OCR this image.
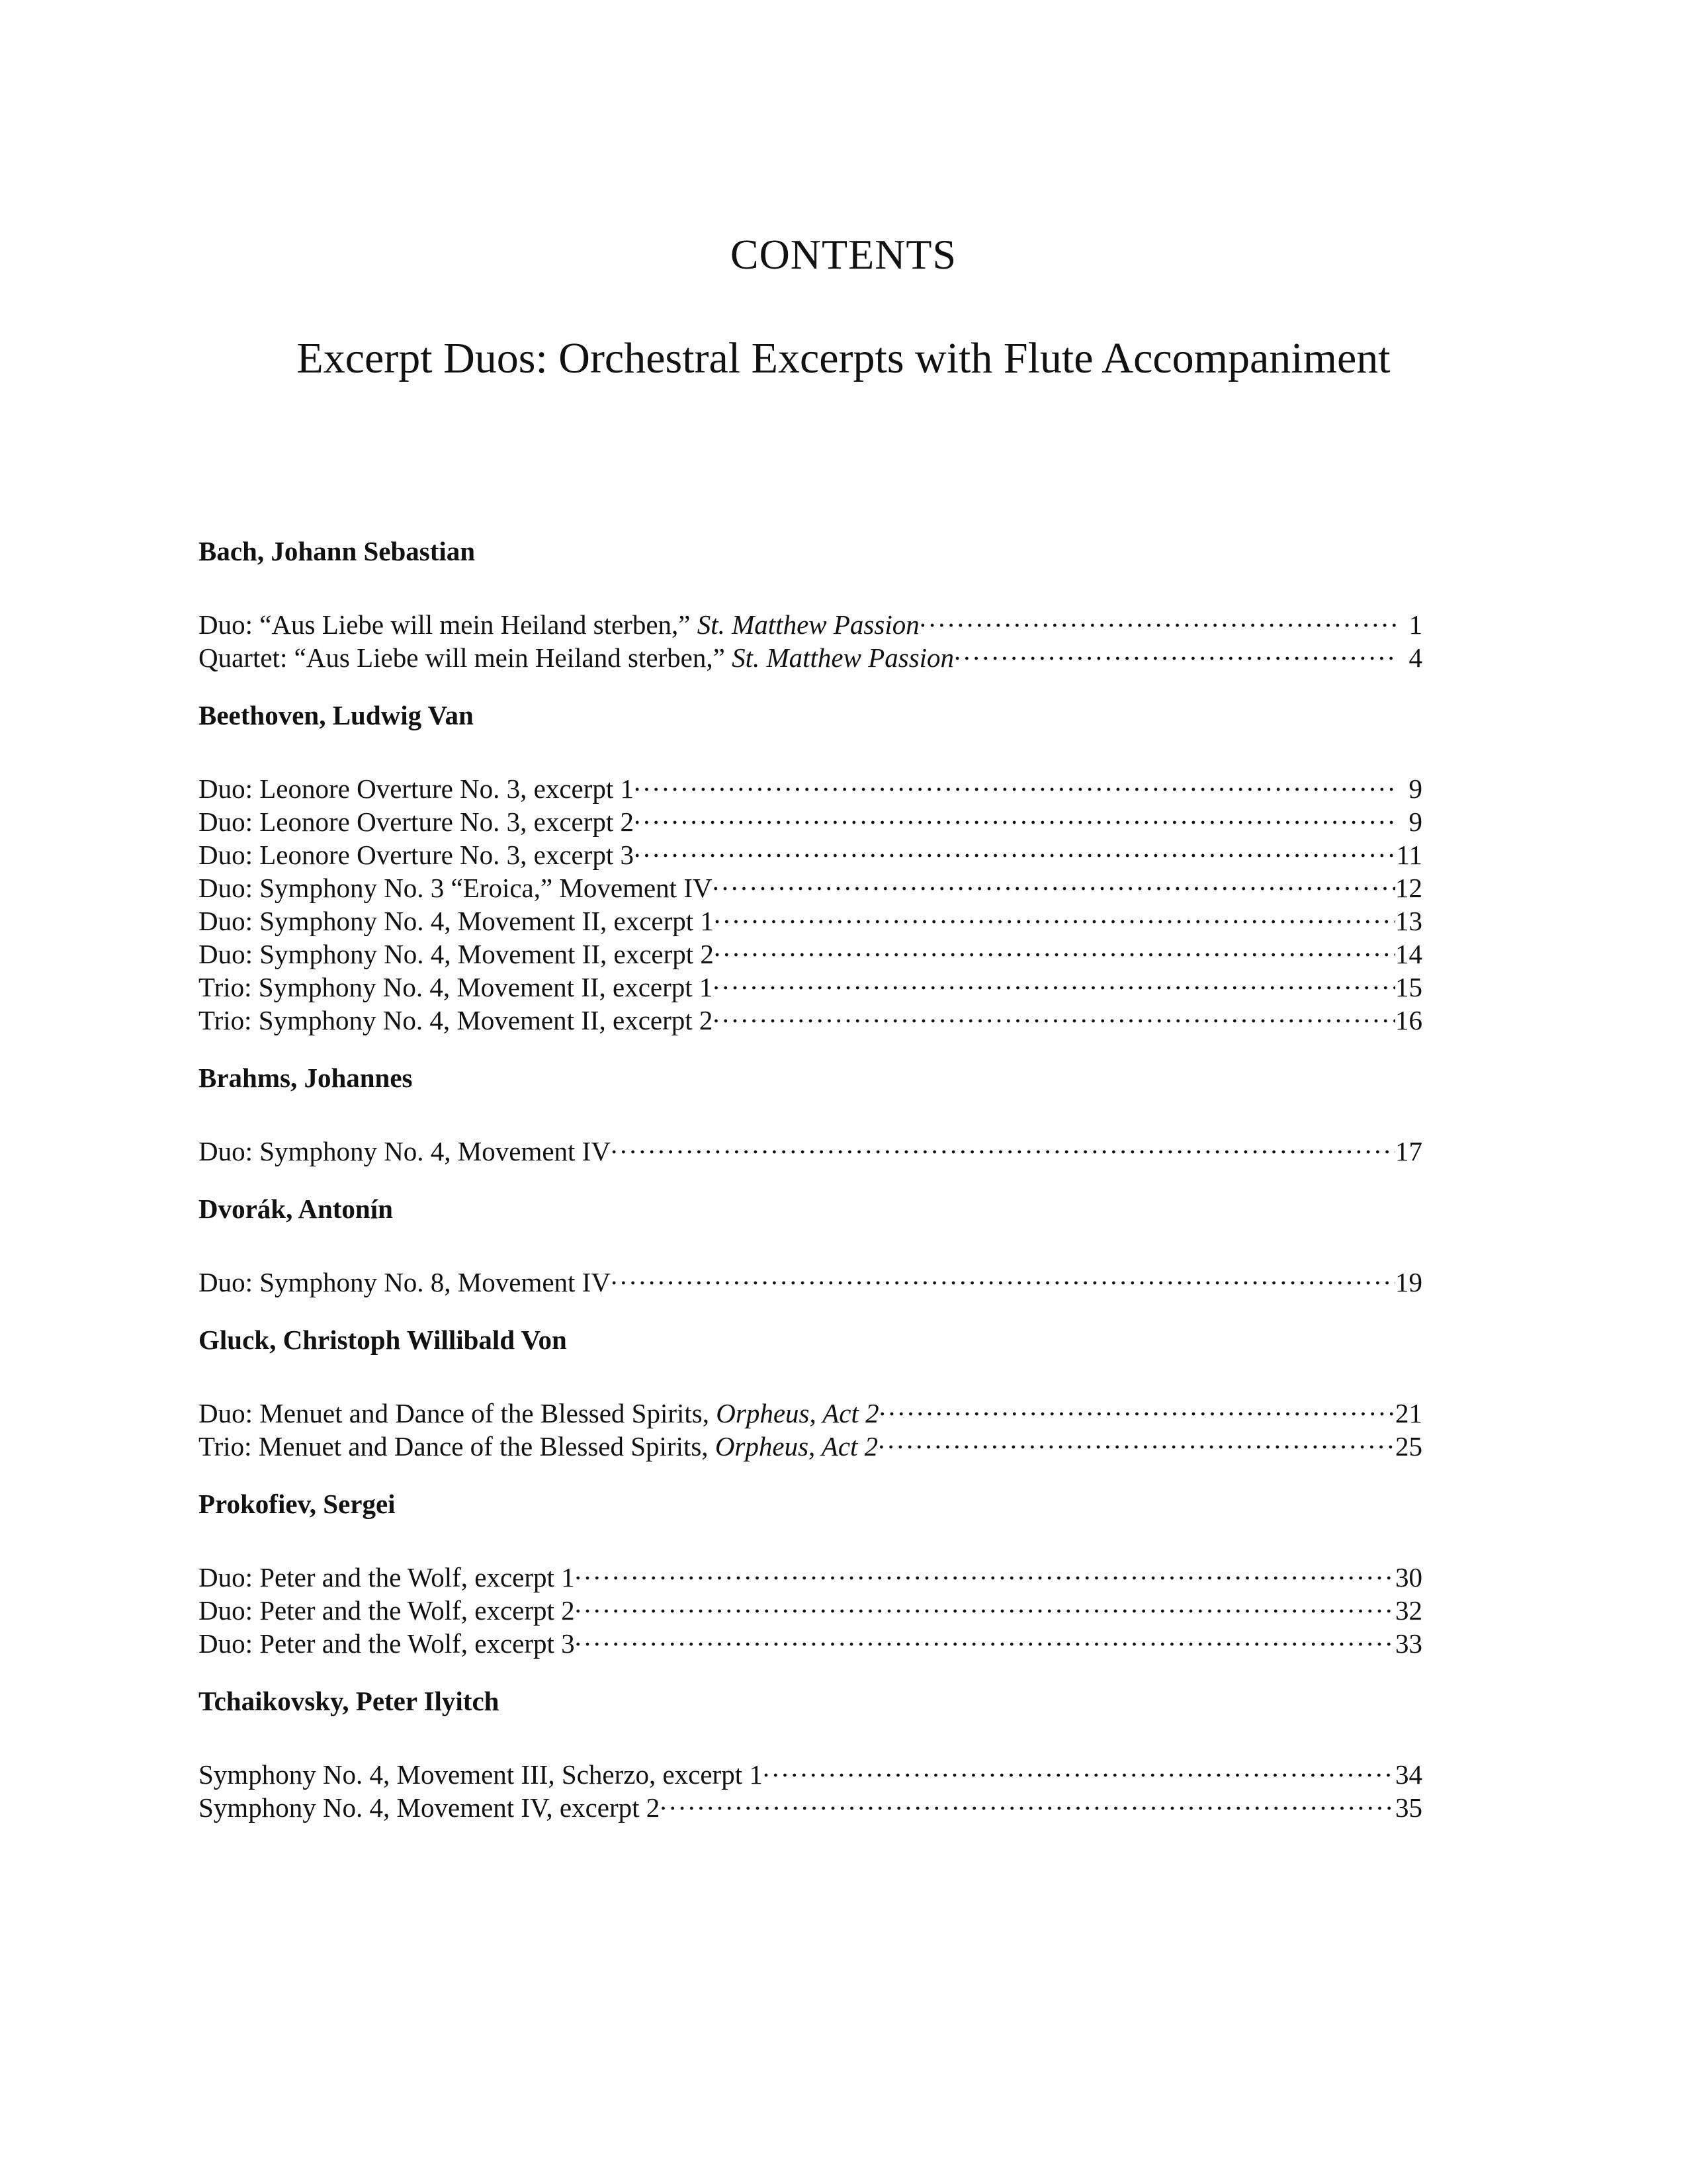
CONTENTS
Excerpt Duos: Orchestral Excerpts with Flute Accompaniment
Bach, Johann Sebastian
Duo: “Aus Liebe will mein Heiland sterben,” St. Matthew Passion .....	1
Quartet: “Aus Liebe will mein Heiland sterben,” St. Matthew Passion .....	4
Beethoven, Ludwig Van
Duo: Leonore Overture No. 3, excerpt 1 .....	9
Duo: Leonore Overture No. 3, excerpt 2 .....	9
Duo: Leonore Overture No. 3, excerpt 3 .....	11
Duo: Symphony No. 3 “Eroica,” Movement IV .....	12
Duo: Symphony No. 4, Movement II, excerpt 1 .....	13
Duo: Symphony No. 4, Movement II, excerpt 2 .....	14
Trio: Symphony No. 4, Movement II, excerpt 1 .....	15
Trio: Symphony No. 4, Movement II, excerpt 2 .....	16
Brahms, Johannes
Duo: Symphony No. 4, Movement IV .....	17
Dvorák, Antonín
Duo: Symphony No. 8, Movement IV .....	19
Gluck, Christoph Willibald Von
Duo: Menuet and Dance of the Blessed Spirits, Orpheus, Act 2 .....	21
Trio: Menuet and Dance of the Blessed Spirits, Orpheus, Act 2 .....	25
Prokofiev, Sergei
Duo: Peter and the Wolf, excerpt 1 .....	30
Duo: Peter and the Wolf, excerpt 2 .....	32
Duo: Peter and the Wolf, excerpt 3 .....	33
Tchaikovsky, Peter Ilyitch
Symphony No. 4, Movement III, Scherzo, excerpt 1 .....	34
Symphony No. 4, Movement IV, excerpt 2 .....	35
